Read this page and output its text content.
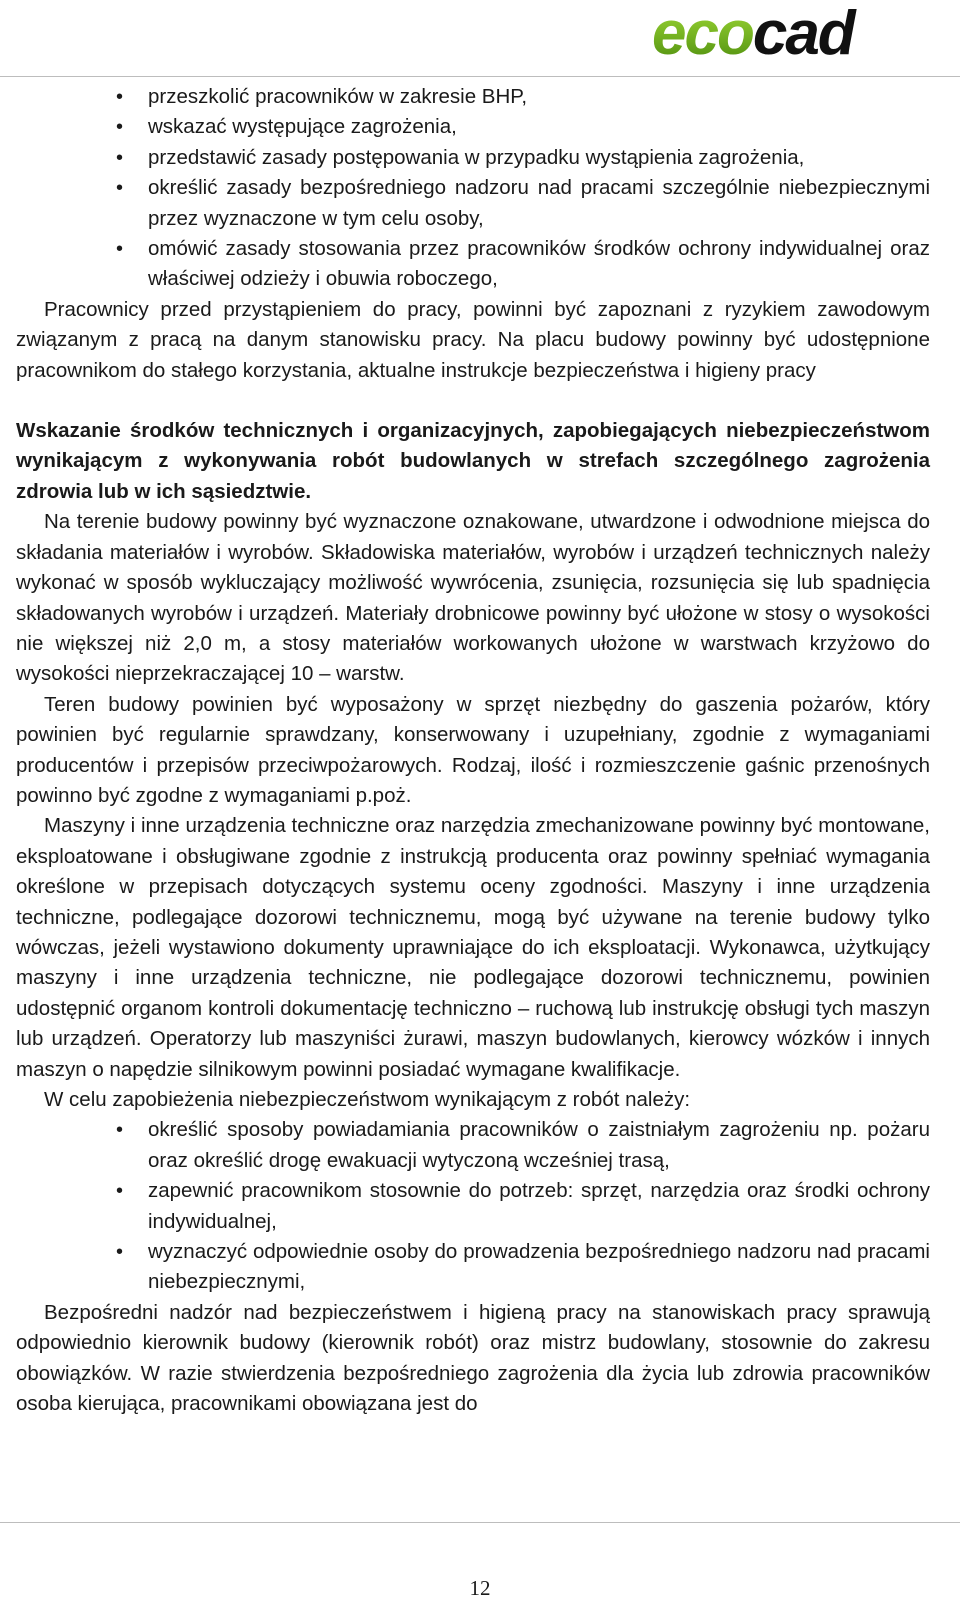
ecocad
• przeszkolić pracowników w zakresie BHP,
• wskazać występujące zagrożenia,
• przedstawić zasady postępowania w przypadku wystąpienia zagrożenia,
• określić zasady bezpośredniego nadzoru nad pracami szczególnie niebezpiecznymi przez wyznaczone w tym celu osoby,
• omówić zasady stosowania przez pracowników środków ochrony indywidualnej oraz właściwej odzieży i obuwia roboczego,

Pracownicy przed przystąpieniem do pracy, powinni być zapoznani z ryzykiem zawodowym związanym z pracą na danym stanowisku pracy. Na placu budowy powinny być udostępnione pracownikom do stałego korzystania, aktualne instrukcje bezpieczeństwa i higieny pracy

Wskazanie środków technicznych i organizacyjnych, zapobiegających niebezpieczeństwom wynikającym z wykonywania robót budowlanych w strefach szczególnego zagrożenia zdrowia lub w ich sąsiedztwie.

Na terenie budowy powinny być wyznaczone oznakowane, utwardzone i odwodnione miejsca do składania materiałów i wyrobów. Składowiska materiałów, wyrobów i urządzeń technicznych należy wykonać w sposób wykluczający możliwość wywrócenia, zsunięcia, rozsunięcia się lub spadnięcia składowanych wyrobów i urządzeń. Materiały drobnicowe powinny być ułożone w stosy o wysokości nie większej niż 2,0 m, a stosy materiałów workowanych ułożone w warstwach krzyżowo do wysokości nieprzekraczającej 10 – warstw.

Teren budowy powinien być wyposażony w sprzęt niezbędny do gaszenia pożarów, który powinien być regularnie sprawdzany, konserwowany i uzupełniany, zgodnie z wymaganiami producentów i przepisów przeciwpożarowych. Rodzaj, ilość i rozmieszczenie gaśnic przenośnych powinno być zgodne z wymaganiami p.poż.

Maszyny i inne urządzenia techniczne oraz narzędzia zmechanizowane powinny być montowane, eksploatowane i obsługiwane zgodnie z instrukcją producenta oraz powinny spełniać wymagania określone w przepisach dotyczących systemu oceny zgodności. Maszyny i inne urządzenia techniczne, podlegające dozorowi technicznemu, mogą być używane na terenie budowy tylko wówczas, jeżeli wystawiono dokumenty uprawniające do ich eksploatacji. Wykonawca, użytkujący maszyny i inne urządzenia techniczne, nie podlegające dozorowi technicznemu, powinien udostępnić organom kontroli dokumentację techniczno – ruchową lub instrukcję obsługi tych maszyn lub urządzeń. Operatorzy lub maszyniści żurawi, maszyn budowlanych, kierowcy wózków i innych maszyn o napędzie silnikowym powinni posiadać wymagane kwalifikacje.

W celu zapobieżenia niebezpieczeństwom wynikającym z robót należy:

• określić sposoby powiadamiania pracowników o zaistniałym zagrożeniu np. pożaru oraz określić drogę ewakuacji wytyczoną wcześniej trasą,
• zapewnić pracownikom stosownie do potrzeb: sprzęt, narzędzia oraz środki ochrony indywidualnej,
• wyznaczyć odpowiednie osoby do prowadzenia bezpośredniego nadzoru nad pracami niebezpiecznymi,

Bezpośredni nadzór nad bezpieczeństwem i higieną pracy na stanowiskach pracy sprawują odpowiednio kierownik budowy (kierownik robót) oraz mistrz budowlany, stosownie do zakresu obowiązków. W razie stwierdzenia bezpośredniego zagrożenia dla życia lub zdrowia pracowników osoba kierująca, pracownikami obowiązana jest do

12
